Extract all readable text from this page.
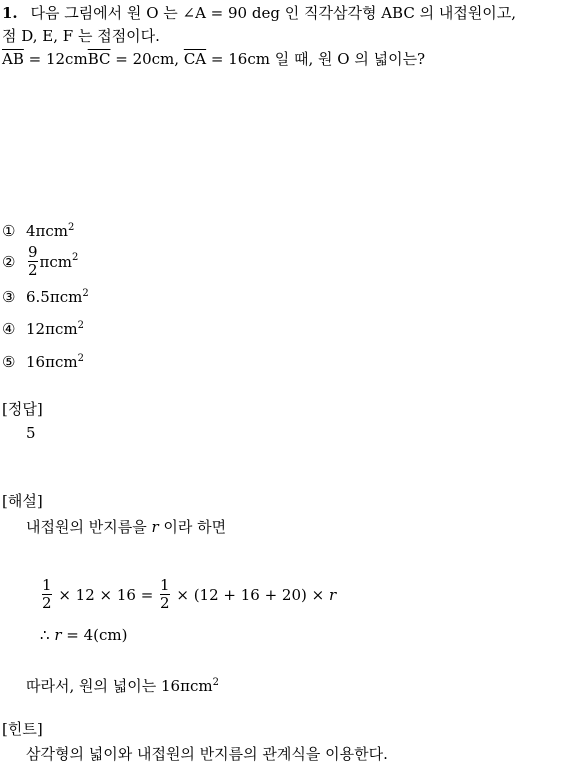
1. 다음 그림에서 원 O 는 ∠A = 90 deg 인 직각삼각형 ABC 의 내접원이고,
점 D, E, F 는 접점이다.
$\overline{AB} = 12cm\overline{BC} = 20cm$, $\overline{CA} = 16cm$ 일 때, 원 O 의 넓이는?
① 4πcm$^2$
② $\frac{9}{2} \pi cm^2$
③ 6.5πcm$^2$
④ 12πcm$^2$
⑤ 16πcm$^2$
[정답]
5
[해설]
내접원의 반지름을 r 이라 하면
$\frac{1}{2} \times 12 \times 16 = \frac{1}{2} \times (12 + 16 + 20) \times r$
∴ r = 4(cm)
따라서, 원의 넓이는 16πcm$^2$
[힌트]
삼각형의 넓이와 내접원의 반지름의 관계식을 이용한다.
